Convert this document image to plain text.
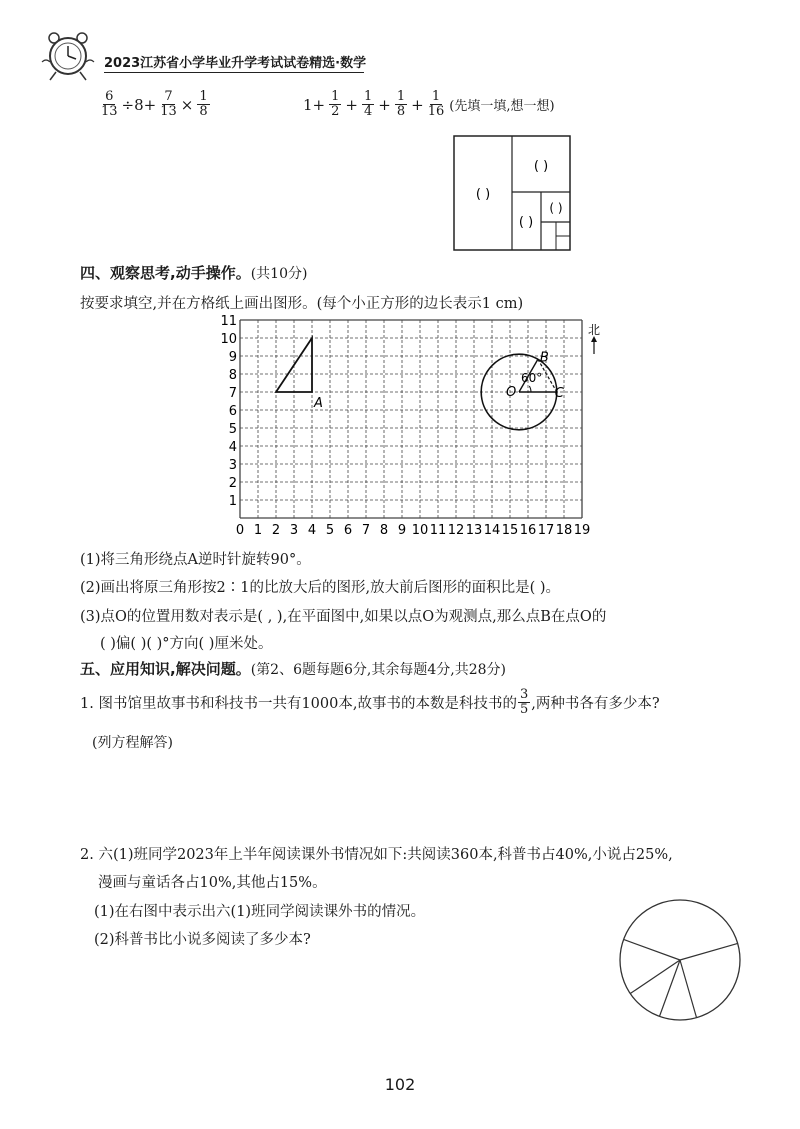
2023江苏省小学毕业升学考试试卷精选·数学
$\frac{6}{13} \div 8+ \frac{7}{13} \times \frac{1}{8}$	$1+ \frac{1}{2} + \frac{1}{4} + \frac{1}{8} + \frac{1}{16}$ (先填一填,想一想)
( )
( )
( )
( )
四、观察思考,动手操作。(共10分)
按要求填空,并在方格纸上画出图形。(每个小正方形的边长表示1 cm)
0 1 2 3 4 5 6 7 8 9 10 11 12 13 14 15 16 17 18 19
1
2
3
4
5
6
7
8
9
10
11
A
O
B
C
60°
北
(1)将三角形绕点A逆时针旋转90°。
(2)画出将原三角形按2∶1的比放大后的图形,放大前后图形的面积比是( )。
(3)点O的位置用数对表示是( , ),在平面图中,如果以点O为观测点,那么点B在点O的
( )偏( )( )°方向( )厘米处。
五、应用知识,解决问题。(第2、6题每题6分,其余每题4分,共28分)
1. 图书馆里故事书和科技书一共有1000本,故事书的本数是科技书的 $\frac{3}{5}$ ,两种书各有多少本?
(列方程解答)
2. 六(1)班同学2023年上半年阅读课外书情况如下:共阅读360本,科普书占40%,小说占25%,
漫画与童话各占10%,其他占15%。
(1)在右图中表示出六(1)班同学阅读课外书的情况。
(2)科普书比小说多阅读了多少本?
102
